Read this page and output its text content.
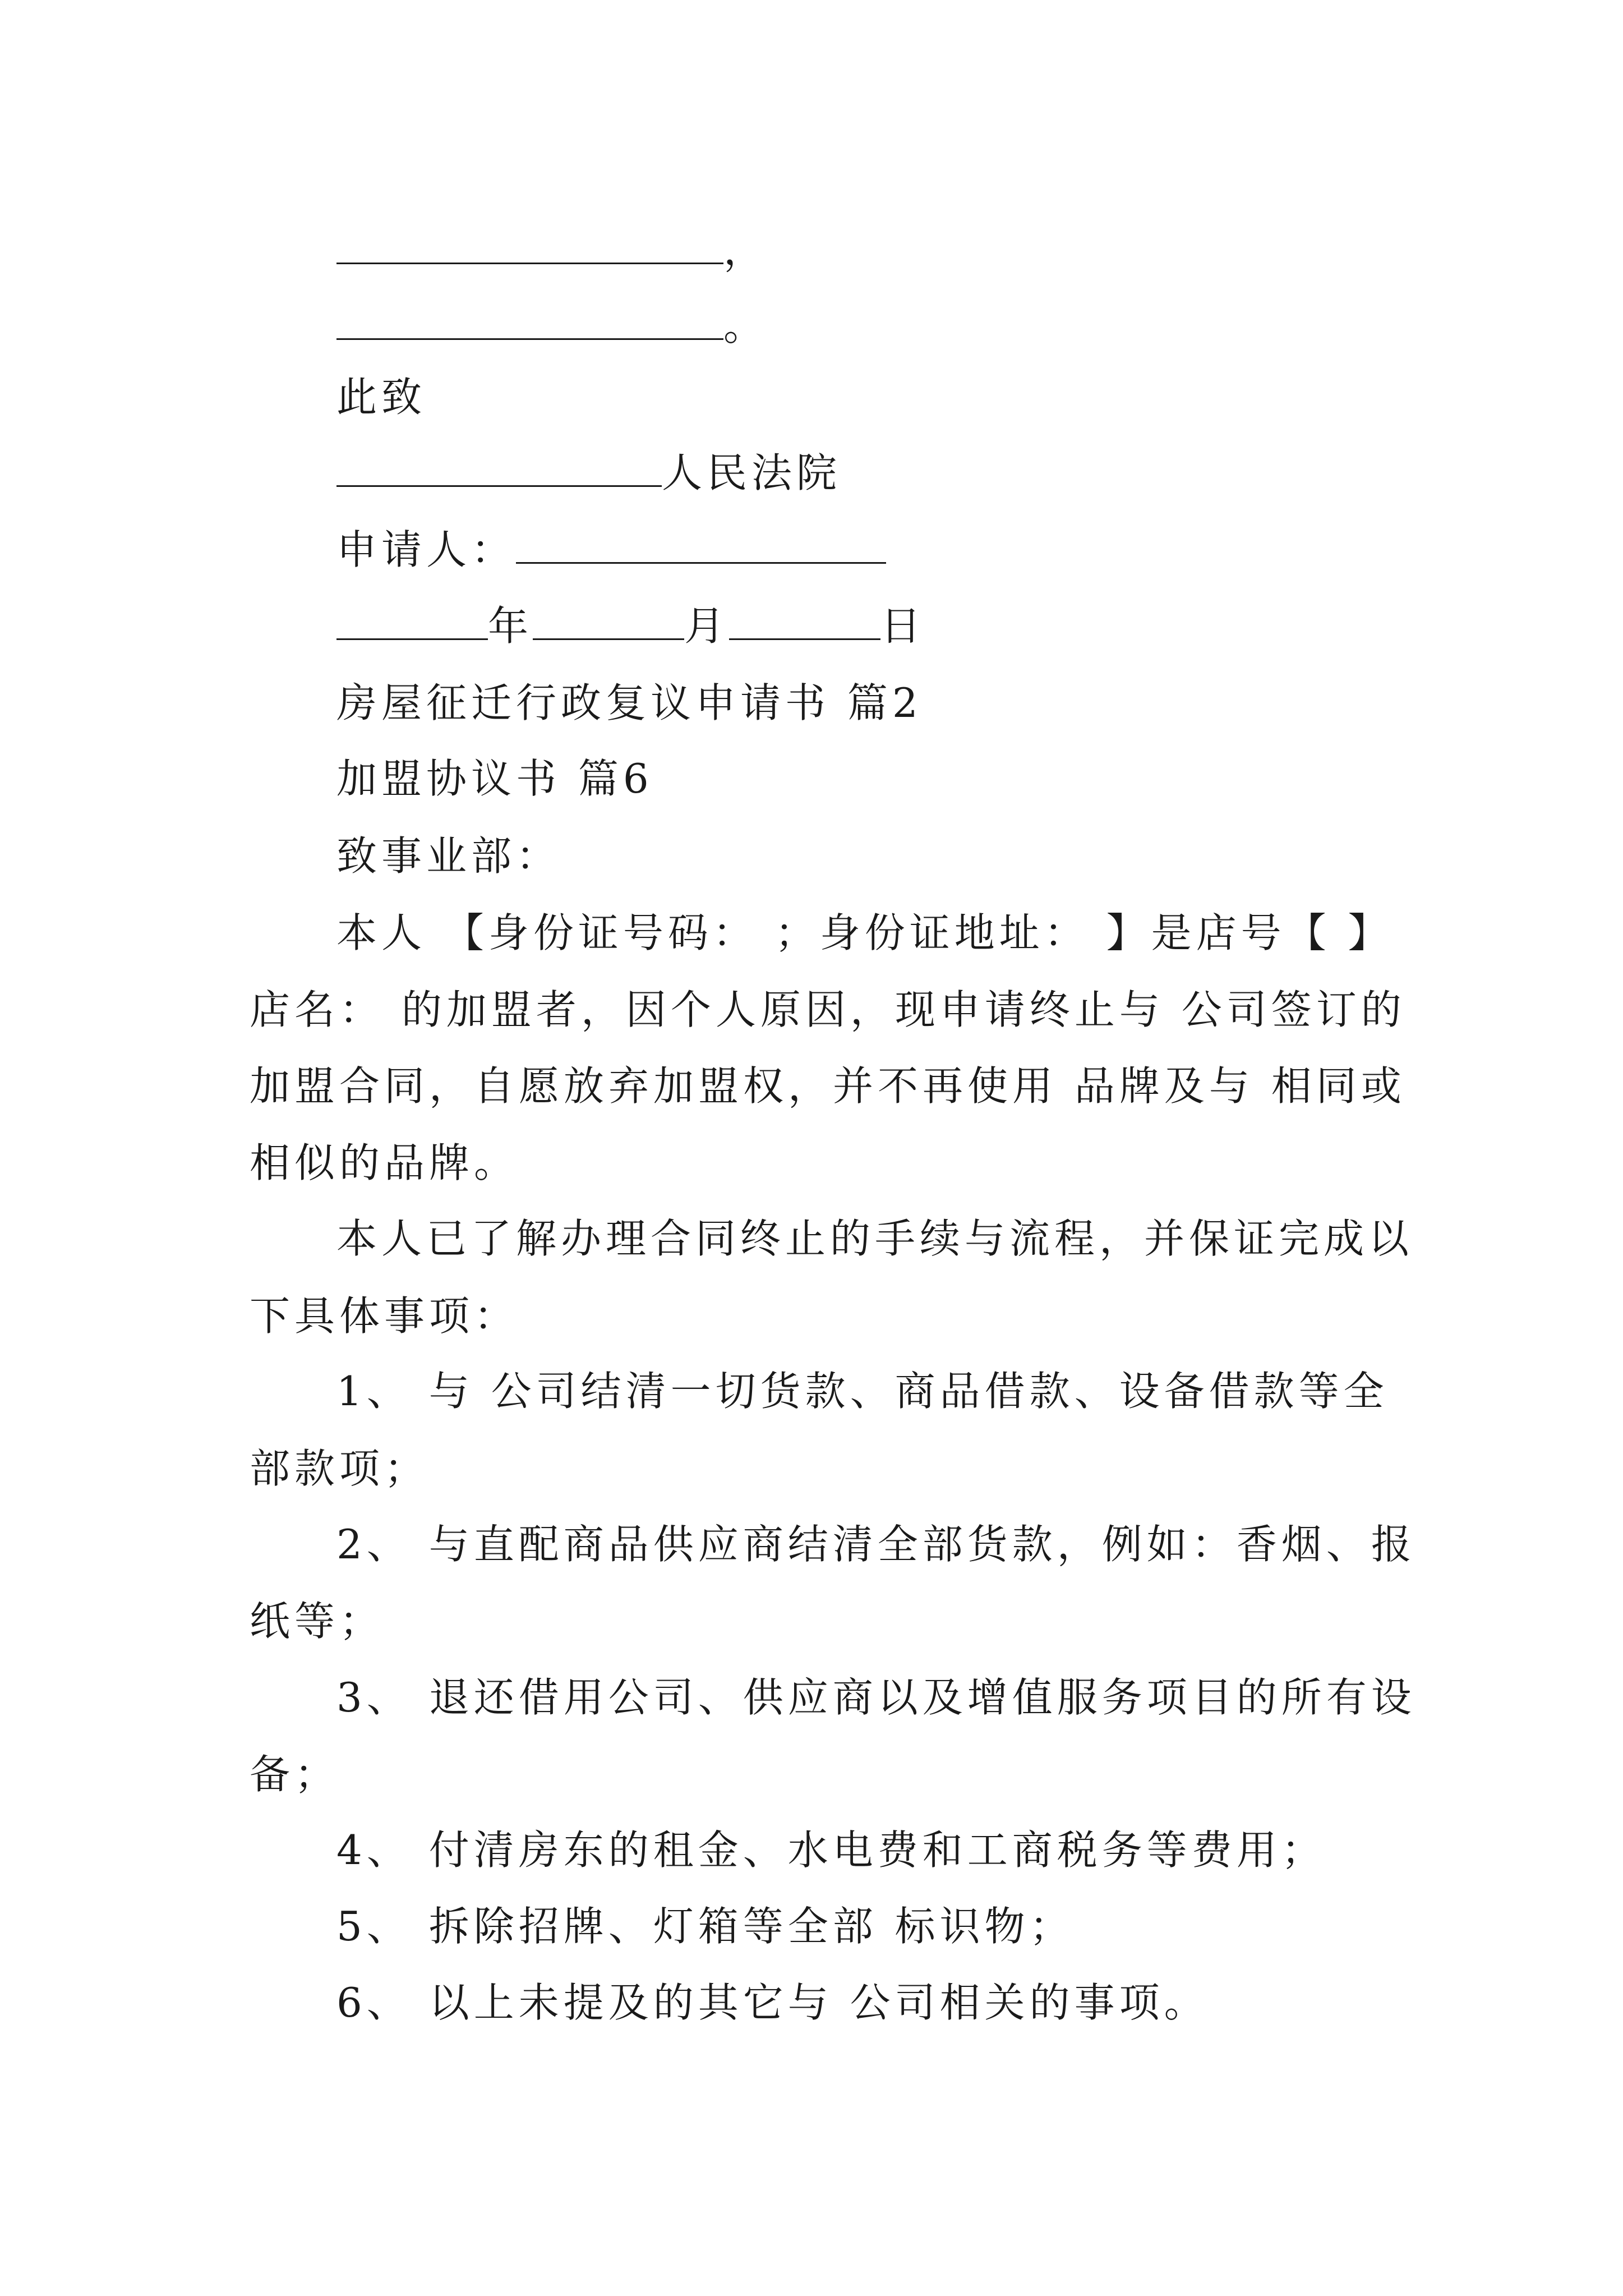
，
。
此致
人民法院
申请人：
年	月	日
房屋征迁行政复议申请书 篇2
加盟协议书 篇6
致事业部：
本人 【身份证号码： ；身份证地址： 】是店号【 】
店名： 的加盟者，因个人原因，现申请终止与 公司签订的
加盟合同，自愿放弃加盟权，并不再使用 品牌及与 相同或
相似的品牌。
本人已了解办理合同终止的手续与流程，并保证完成以
下具体事项：
1、 与 公司结清一切货款、商品借款、设备借款等全
部款项；
2、 与直配商品供应商结清全部货款，例如：香烟、报
纸等；
3、 退还借用公司、供应商以及增值服务项目的所有设
备；
4、 付清房东的租金、水电费和工商税务等费用；
5、 拆除招牌、灯箱等全部 标识物；
6、 以上未提及的其它与 公司相关的事项。
